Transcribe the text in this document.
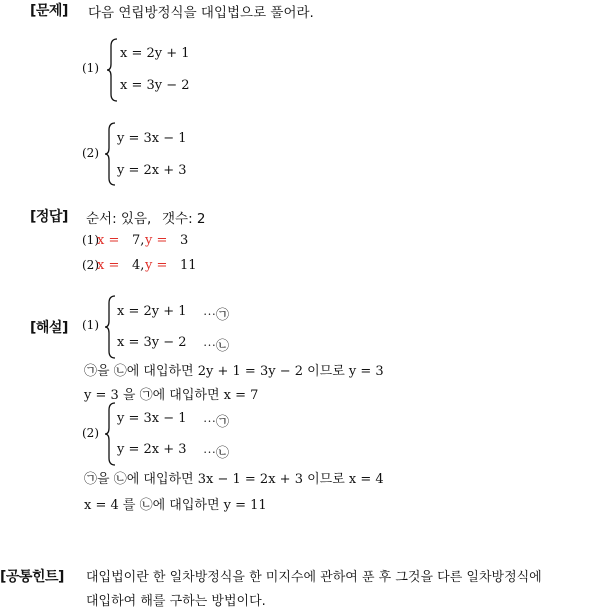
[문제] 다음 연립방정식을 대입법으로 풀어라.
(1)
x = 2y + 1
x = 3y − 2
(2)
y = 3x − 1
y = 2x + 3
[정답] 순서: 있음, 갯수: 2
(1)
x = 7, y = 3
(2)
x = 4, y = 11
[해설] (1)
x = 2y + 1 ⋯㉠
x = 3y − 2 ⋯㉡
㉠을 ㉡에 대입하면 2y + 1 = 3y − 2 이므로 y = 3
y = 3 을 ㉠에 대입하면 x = 7
(2)
y = 3x − 1 ⋯㉠
y = 2x + 3 ⋯㉡
㉠을 ㉡에 대입하면 3x − 1 = 2x + 3 이므로 x = 4
x = 4 를 ㉡에 대입하면 y = 11
[공통힌트] 대입법이란 한 일차방정식을 한 미지수에 관하여 푼 후 그것을 다른 일차방정식에
대입하여 해를 구하는 방법이다.
